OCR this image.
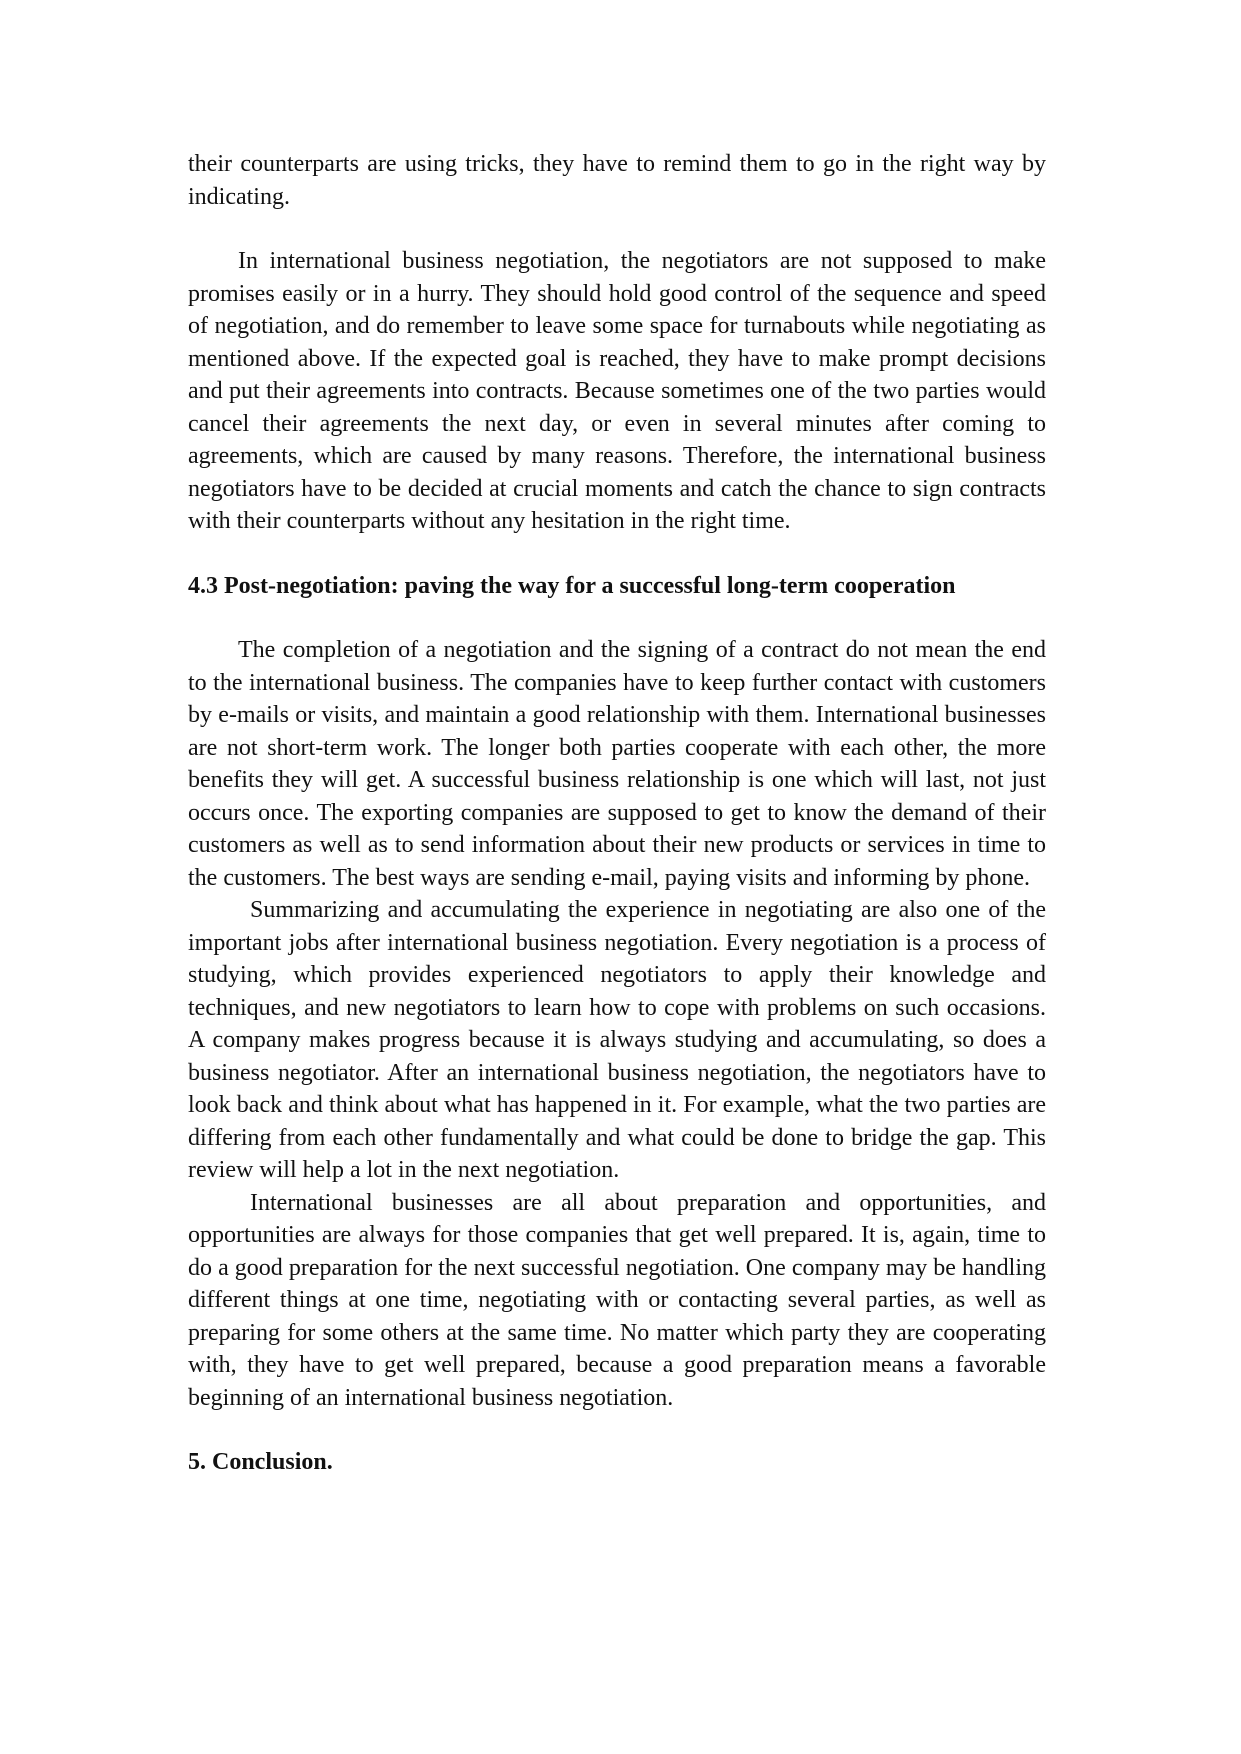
their counterparts are using tricks, they have to remind them to go in the right way by indicating.

In international business negotiation, the negotiators are not supposed to make promises easily or in a hurry. They should hold good control of the sequence and speed of negotiation, and do remember to leave some space for turnabouts while negotiating as mentioned above. If the expected goal is reached, they have to make prompt decisions and put their agreements into contracts. Because sometimes one of the two parties would cancel their agreements the next day, or even in several minutes after coming to agreements, which are caused by many reasons. Therefore, the international business negotiators have to be decided at crucial moments and catch the chance to sign contracts with their counterparts without any hesitation in the right time.

4.3 Post-negotiation: paving the way for a successful long-term cooperation

The completion of a negotiation and the signing of a contract do not mean the end to the international business. The companies have to keep further contact with customers by e-mails or visits, and maintain a good relationship with them. International businesses are not short-term work. The longer both parties cooperate with each other, the more benefits they will get. A successful business relationship is one which will last, not just occurs once. The exporting companies are supposed to get to know the demand of their customers as well as to send information about their new products or services in time to the customers. The best ways are sending e-mail, paying visits and informing by phone.

Summarizing and accumulating the experience in negotiating are also one of the important jobs after international business negotiation. Every negotiation is a process of studying, which provides experienced negotiators to apply their knowledge and techniques, and new negotiators to learn how to cope with problems on such occasions. A company makes progress because it is always studying and accumulating, so does a business negotiator. After an international business negotiation, the negotiators have to look back and think about what has happened in it. For example, what the two parties are differing from each other fundamentally and what could be done to bridge the gap. This review will help a lot in the next negotiation.

International businesses are all about preparation and opportunities, and opportunities are always for those companies that get well prepared. It is, again, time to do a good preparation for the next successful negotiation. One company may be handling different things at one time, negotiating with or contacting several parties, as well as preparing for some others at the same time. No matter which party they are cooperating with, they have to get well prepared, because a good preparation means a favorable beginning of an international business negotiation.

5. Conclusion.
